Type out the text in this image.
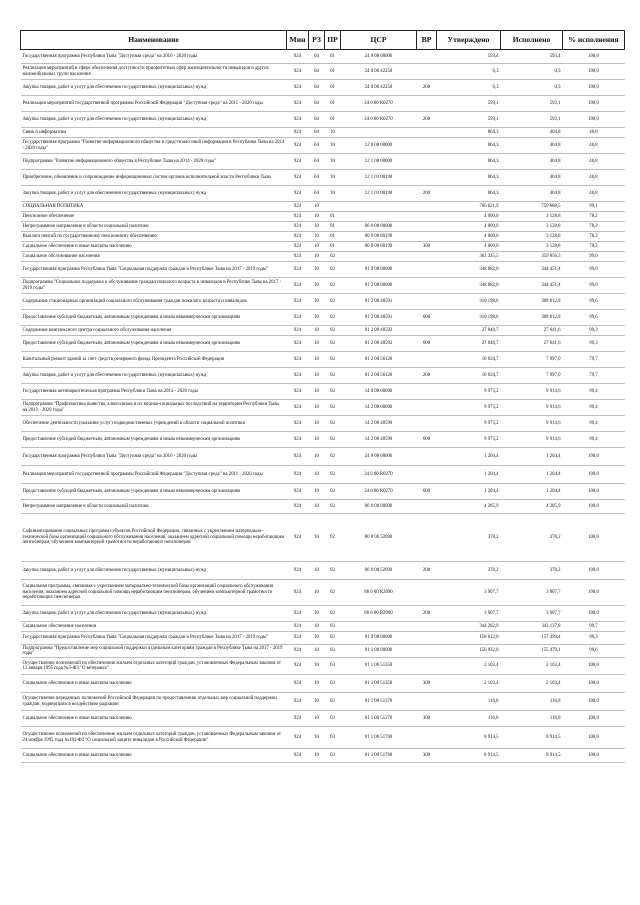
Наименование	Мин	РЗ	ПР	ЦСР	ВР	Утверждено	Исполнено	% исполнения
Государственная программа Республики Тыва "Доступная среда" на 2016 - 2020 годы	924	04	01	24 0 00 00000		593,4	593,4	100,0
Реализация мероприятий в сфере обеспечения доступности приоритетных сфер жизнедеятельности инвалидов и других маломобильных групп населения	924	04	01	24 0 00 42250		0,3	0,3	100,0
Закупка товаров, работ и услуг для обеспечения государственных (муниципальных) нужд	924	04	01	24 0 00 42250	200	0,3	0,3	100,0
Реализация мероприятий государственной программы Российской Федерации "Доступная среда" на 2011 - 2020 годы	924	04	01	24 0 00 R0270		593,1	593,1	100,0
Закупка товаров, работ и услуг для обеспечения государственных (муниципальных) нужд	924	04	01	24 0 00 R0270	200	593,1	593,1	100,0
Связь и информатика	924	04	10			864,3	404,8	46,8
Государственная программа "Развитие информационного общества и средств массовой информации в Республике Тыва на 2014 - 2020 годы"	924	04	10	12 0 00 00000		864,3	404,8	46,8
Подпрограмма "Развитие информационного общества в Республике Тыва на 2014 - 2020 годы"	924	04	10	12 1 00 00000		864,3	404,8	46,8
Приобретение, обновление и сопровождение информационных систем органов исполнительной власти Республики Тыва	924	04	10	12 1 03 00190		864,3	404,8	46,8
Закупка товаров, работ и услуг для обеспечения государственных (муниципальных) нужд	924	04	10	12 1 03 00190	200	864,3	404,8	46,8
СОЦИАЛЬНАЯ ПОЛИТИКА	924	10				766 621,9	759 688,5	99,1
Пенсионное обеспечение	924	10	01			4 000,0	3 128,8	78,2
Непрограммное направление в области социальной политики	924	10	01	86 0 00 00000		4 000,0	3 128,8	78,2
Выплата пенсий по государственному пенсионному обеспечению	924	10	01	86 0 00 80190		4 000,0	3 128,8	78,2
Социальное обеспечение и иные выплаты населению	924	10	01	86 0 00 80190	300	4 000,0	3 128,8	78,2
Социальное обслуживание населения	924	10	02			363 345,5	359 856,3	99,0
Государственная программа Республики Тыва "Социальная поддержка граждан в Республике Тыва на 2017 - 2019 годы"	924	10	02	01 0 00 00000		348 082,0	344 451,4	99,0
Подпрограмма "Социальное поддержка и обслуживание граждан пожилого возраста и инвалидов в Республике Тыва на 2017 - 2019 годы"	924	10	02	01 2 00 00000		348 082,0	344 451,4	99,0
Содержание стационарных организаций социального обслуживания граждан пожилого возраста и инвалидов	924	10	02	01 2 00 40591		310 198,6	308 812,8	99,6
Предоставление субсидий бюджетным, автономным учреждениям и иным некоммерческим организациям	924	10	02	01 2 00 40591	600	310 198,6	308 812,8	99,6
Содержание комплексного центра социального обслуживания населения	924	10	02	01 2 00 40592		27 848,7	27 641,6	99,3
Предоставление субсидий бюджетным, автономным учреждениям и иным некоммерческим организациям	924	10	02	01 2 00 40592	600	27 848,7	27 641,6	99,3
Капитальный ремонт зданий за счет средств резервного фонда Президента Российской Федерации	924	10	02	01 2 00 56120		10 034,7	7 997,0	79,7
Закупка товаров, работ и услуг для обеспечения государственных (муниципальных) нужд	924	10	02	01 2 00 56120	200	10 034,7	7 997,0	79,7
Государственная антинаркотическая программа Республики Тыва на 2014 - 2020 годы	924	10	02	14 0 00 00000		9 973,2	9 914,6	99,4
Подпрограмма "Профилактика пьянства, алкоголизма и их медико-социальных последствий на территории Республики Тыва на 2013 - 2020 годы"	924	10	02	14 2 00 00000		9 973,2	9 914,6	99,4
Обеспечение деятельности (оказание услуг) подведомственных учреждений в области социальной политики	924	10	02	14 2 00 40590		9 973,2	9 914,6	99,4
Предоставление субсидий бюджетным, автономным учреждениям и иным некоммерческим организациям	924	10	02	14 2 00 40590	600	9 973,2	9 914,6	99,4
Государственная программа Республики Тыва "Доступная среда" на 2016 - 2020 годы	924	10	02	24 0 00 00000		1 204,4	1 204,4	100,0
Реализация мероприятий государственной программы Российской Федерации "Доступная среда" на 2011 - 2020 годы	924	10	02	24 0 00 R0270		1 204,4	1 204,4	100,0
Предоставление субсидий бюджетным, автономным учреждениям и иным некоммерческим организациям	924	10	02	24 0 00 R0270	600	1 204,4	1 204,4	100,0
Непрограммное направление в области социальной политики	924	10	02	86 0 00 00000		4 285,9	4 285,9	100,0
Софинансирование социальных программ субъектов Российской Федерации, связанных с укреплением материально-технической базы организаций социального обслуживания населения, оказанием адресной социальной помощи неработающим пенсионерам, обучением компьютерной грамотности неработающих пенсионеров	924	10	02	86 0 00 52090		378,2	378,2	100,0
Закупка товаров, работ и услуг для обеспечения государственных (муниципальных) нужд	924	10	02	86 0 00 52090	200	378,2	378,2	100,0
Социальная программа, связанная с укреплением материально-технической базы организаций социального обслуживания населения, оказанием адресной социальной помощи неработающим пенсионерам, обучением компьютерной грамотности неработающих пенсионеров	924	10	02	86 0 00 R2090		3 907,7	3 907,7	100,0
Закупка товаров, работ и услуг для обеспечения государственных (муниципальных) нужд	924	10	02	86 0 00 R2090	200	3 907,7	3 907,7	100,0
Социальное обеспечение населения	924	10	03			344 282,9	343 137,8	99,7
Государственная программа Республики Тыва "Социальная поддержка граждан в Республике Тыва на 2017 - 2019 годы"	924	10	03	01 0 00 00000		158 612,0	157 499,4	99,3
Подпрограмма "Предоставление мер социальной поддержки отдельным категориям граждан в Республике Тыва на 2017 - 2019 годы"	924	10	03	01 1 00 00000		156 032,0	155 479,1	99,6
Осуществление полномочий по обеспечению жильем отдельных категорий граждан, установленных Федеральным законом от 12 января 1995 года №5-ФЗ "О ветеранах"	924	10	03	01 1 00 51350		2 103,4	2 103,4	100,0
Социальное обеспечение и иные выплаты населению	924	10	03	01 1 00 51350	300	2 103,4	2 103,4	100,0
Осуществление переданных полномочий Российской Федерации по предоставлению отдельных мер социальной поддержки граждан, подвергшихся воздействию радиации	924	10	03	01 1 00 51370		116,8	116,8	100,0
Социальное обеспечение и иные выплаты населению	924	10	03	01 1 00 51370	300	116,8	116,8	100,0
Осуществление полномочий по обеспечению жильем отдельных категорий граждан, установленных Федеральным законом от 24 ноября 1995 года №181-ФЗ "О социальной защите инвалидов в Российской Федерации"	924	10	03	01 1 00 51760		8 914,5	8 914,5	100,0
Социальное обеспечение и иные выплаты населению	924	10	03	01 1 00 51760	300	8 914,5	8 914,5	100,0
